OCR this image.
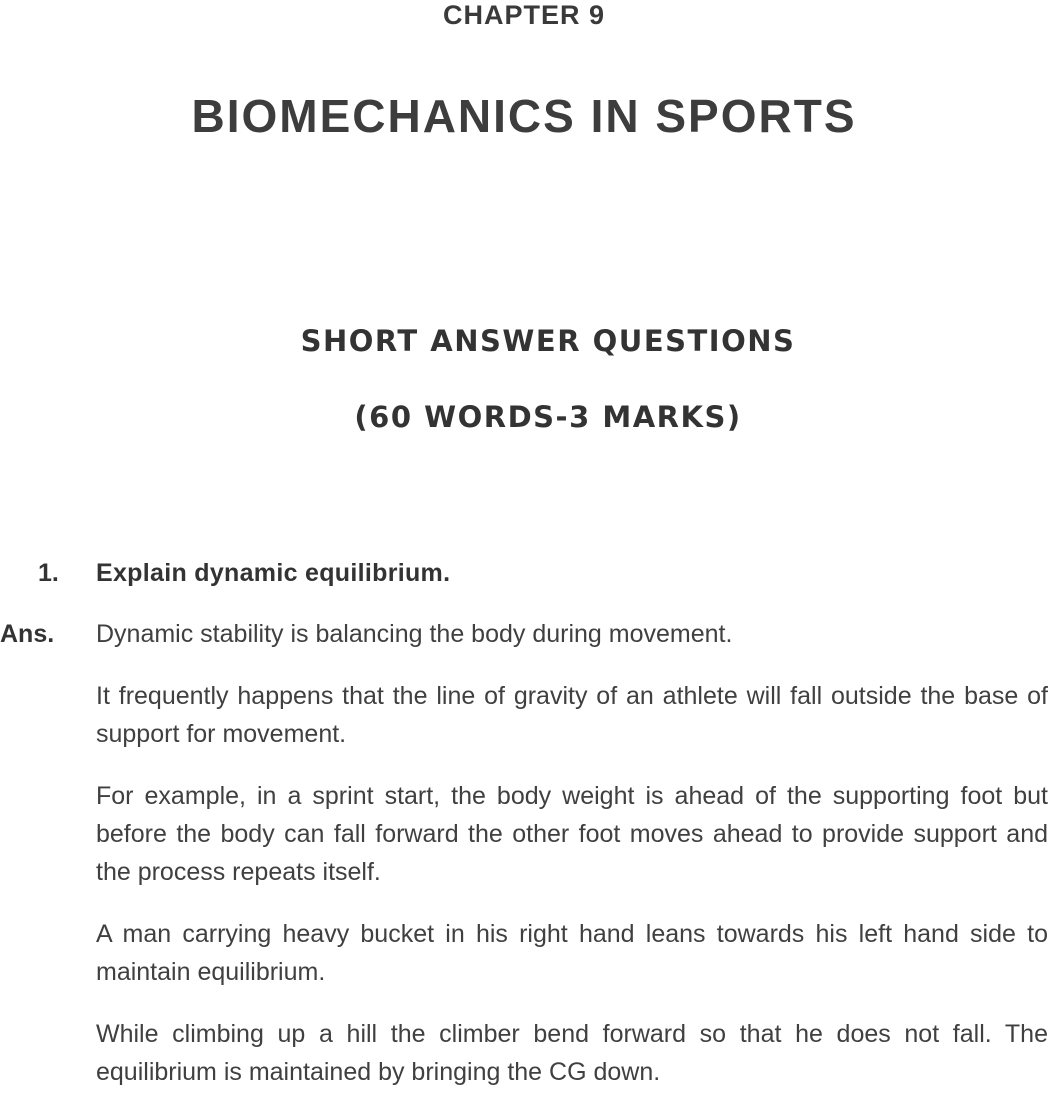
CHAPTER 9
BIOMECHANICS IN SPORTS
SHORT ANSWER QUESTIONS
(60 WORDS-3 MARKS)
1. Explain dynamic equilibrium.
Ans. Dynamic stability is balancing the body during movement.

It frequently happens that the line of gravity of an athlete will fall outside the base of support for movement.

For example, in a sprint start, the body weight is ahead of the supporting foot but before the body can fall forward the other foot moves ahead to provide support and the process repeats itself.

A man carrying heavy bucket in his right hand leans towards his left hand side to maintain equilibrium.

While climbing up a hill the climber bend forward so that he does not fall. The equilibrium is maintained by bringing the CG down.
